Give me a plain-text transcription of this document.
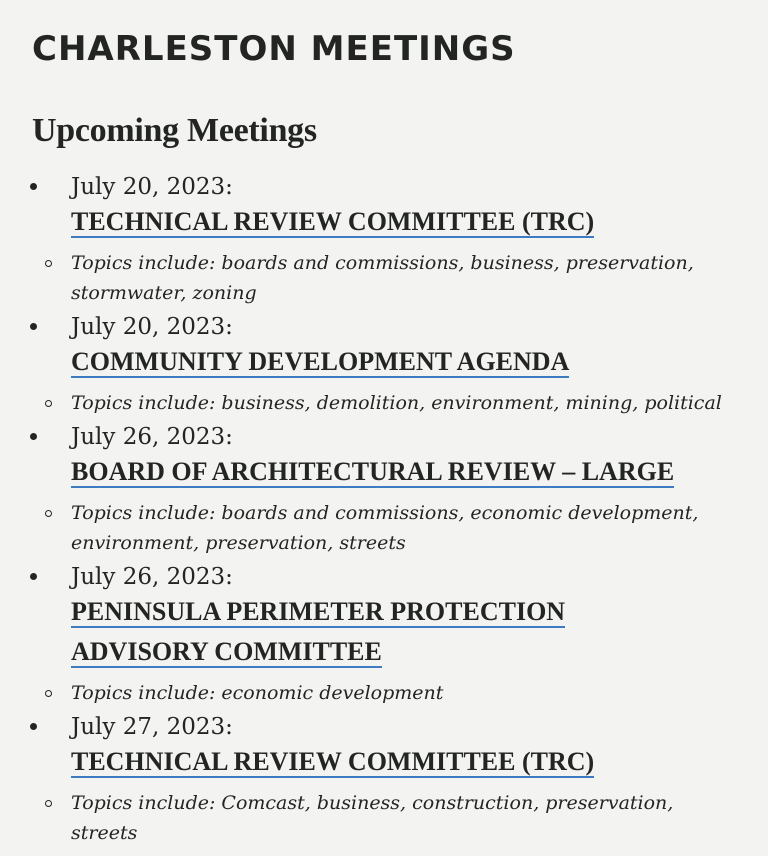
CHARLESTON MEETINGS
Upcoming Meetings
July 20, 2023:
TECHNICAL REVIEW COMMITTEE (TRC)
Topics include: boards and commissions, business, preservation, stormwater, zoning
July 20, 2023:
COMMUNITY DEVELOPMENT AGENDA
Topics include: business, demolition, environment, mining, political
July 26, 2023:
BOARD OF ARCHITECTURAL REVIEW – LARGE
Topics include: boards and commissions, economic development, environment, preservation, streets
July 26, 2023:
PENINSULA PERIMETER PROTECTION ADVISORY COMMITTEE
Topics include: economic development
July 27, 2023:
TECHNICAL REVIEW COMMITTEE (TRC)
Topics include: Comcast, business, construction, preservation, streets
